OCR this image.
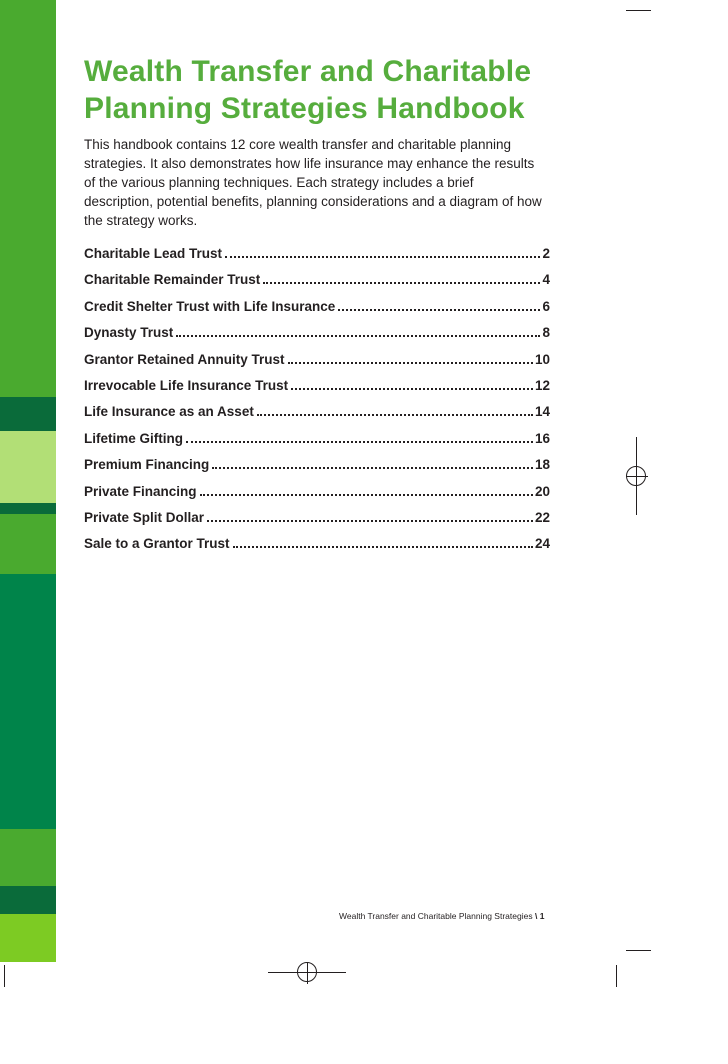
Wealth Transfer and Charitable Planning Strategies Handbook

This handbook contains 12 core wealth transfer and charitable planning strategies. It also demonstrates how life insurance may enhance the results of the various planning techniques. Each strategy includes a brief description, potential benefits, planning considerations and a diagram of how the strategy works.

Charitable Lead Trust	2
Charitable Remainder Trust	4
Credit Shelter Trust with Life Insurance	6
Dynasty Trust	8
Grantor Retained Annuity Trust	10
Irrevocable Life Insurance Trust	12
Life Insurance as an Asset	14
Lifetime Gifting	16
Premium Financing	18
Private Financing	20
Private Split Dollar	22
Sale to a Grantor Trust	24
Wealth Transfer and Charitable Planning Strategies \ 1
